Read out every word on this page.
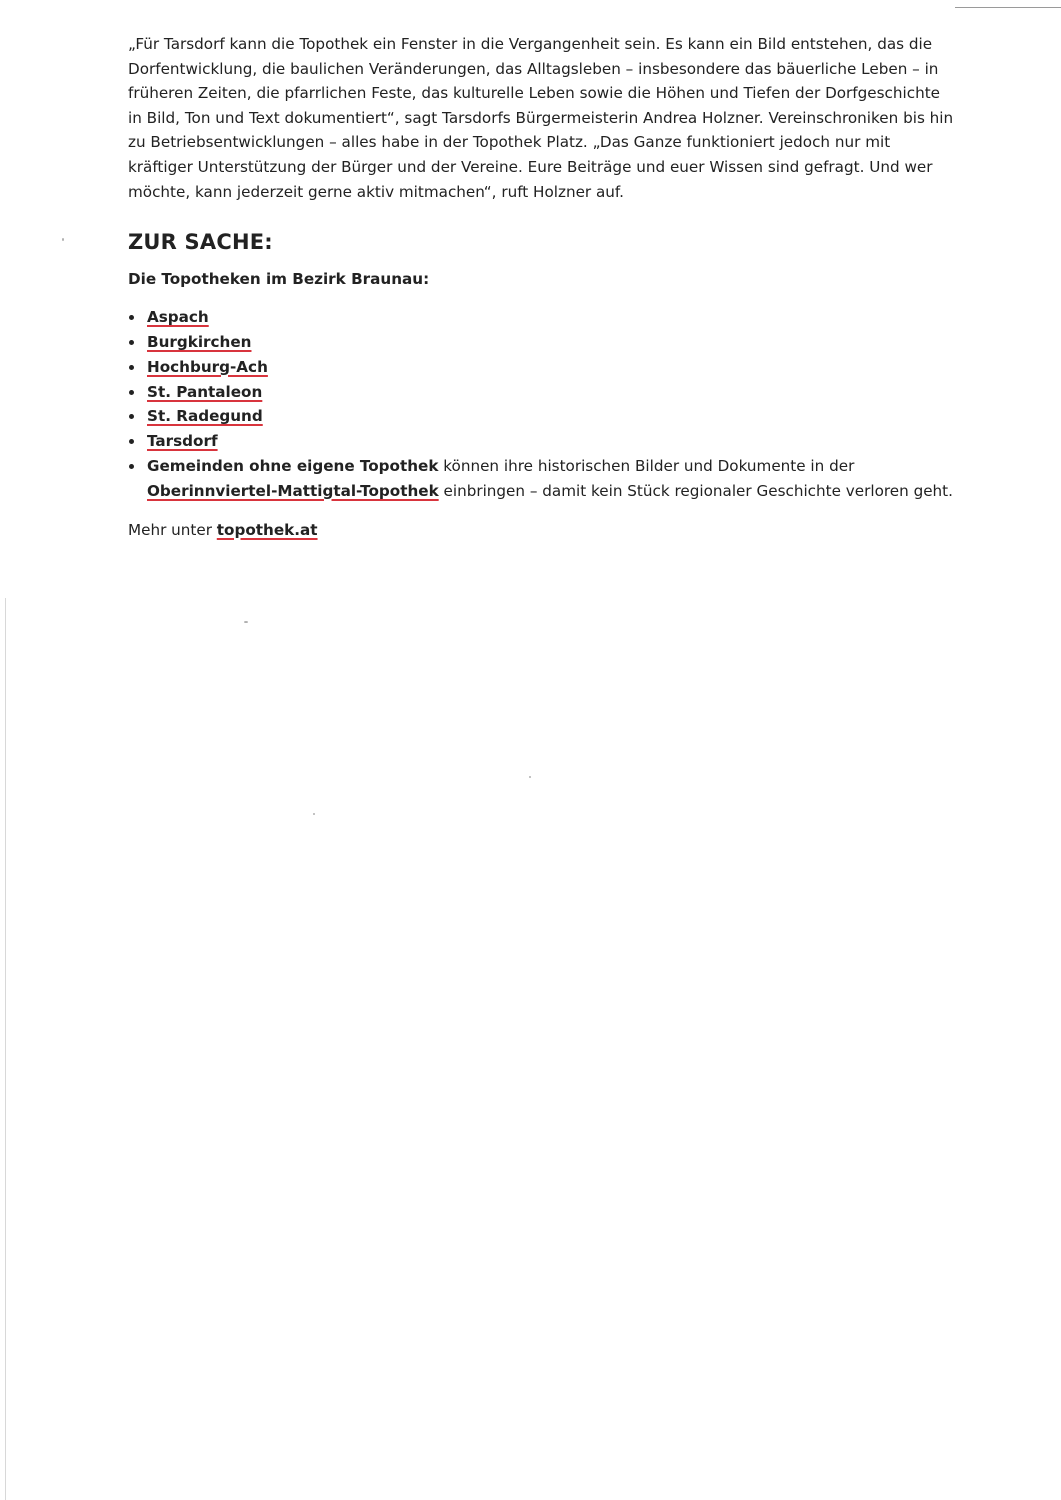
„Für Tarsdorf kann die Topothek ein Fenster in die Vergangenheit sein. Es kann ein Bild entstehen, das die Dorfentwicklung, die baulichen Veränderungen, das Alltagsleben – insbesondere das bäuerliche Leben – in früheren Zeiten, die pfarrlichen Feste, das kulturelle Leben sowie die Höhen und Tiefen der Dorfgeschichte in Bild, Ton und Text dokumentiert“, sagt Tarsdorfs Bürgermeisterin Andrea Holzner. Vereinschroniken bis hin zu Betriebsentwicklungen – alles habe in der Topothek Platz. „Das Ganze funktioniert jedoch nur mit kräftiger Unterstützung der Bürger und der Vereine. Eure Beiträge und euer Wissen sind gefragt. Und wer möchte, kann jederzeit gerne aktiv mitmachen“, ruft Holzner auf.

ZUR SACHE:

Die Topotheken im Bezirk Braunau:

Aspach
Burgkirchen
Hochburg-Ach
St. Pantaleon
St. Radegund
Tarsdorf
Gemeinden ohne eigene Topothek können ihre historischen Bilder und Dokumente in der Oberinnviertel-Mattigtal-Topothek einbringen – damit kein Stück regionaler Geschichte verloren geht.

Mehr unter topothek.at
